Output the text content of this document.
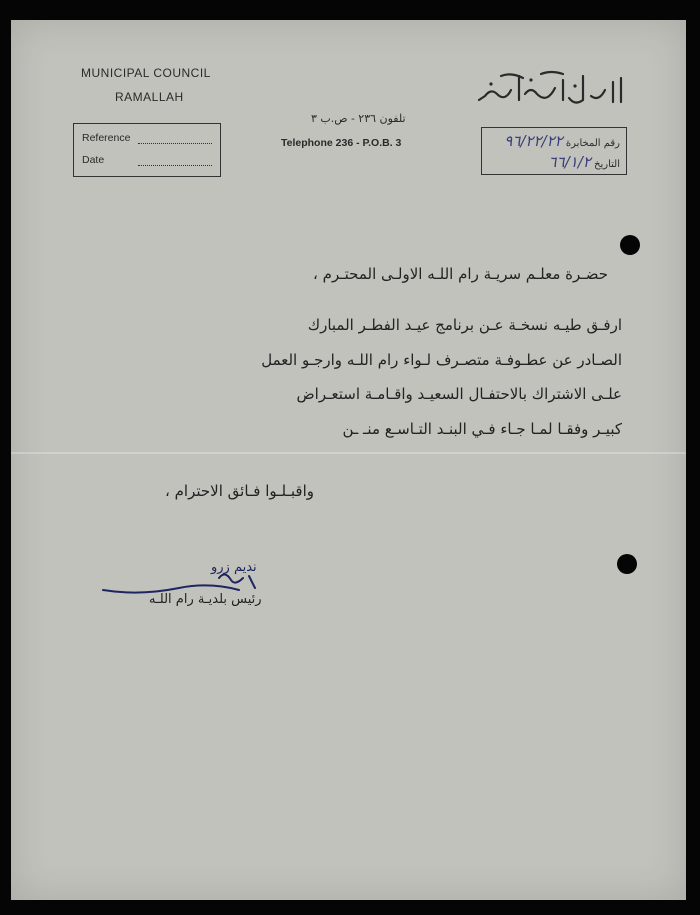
MUNICIPAL COUNCIL
RAMALLAH
Reference
Date
تلفون ٢٣٦ - ص.ب ٣
Telephone 236 - P.O.B. 3	رقم المخابرة ٩٦/٢٢/٢٢
التاريخ ٦٦/١/٢
حضـرة معلـم سريـة رام اللـه الاولـى المحتـرم ،
ارفـق طيـه نسخـة عـن برنامج عيـد الفطـر المبارك
الصـادر عن عطـوفـة متصـرف لـواء رام اللـه وارجـو العمل
علـى الاشتراك بالاحتفـال السعيـد واقـامـة استعـراض
كبيـر وفقـا لمـا جـاء فـي البنـد التـاسـع منـ ـن
واقبـلـوا فـائق الاحترام ،
نديم زرو
رئيس بلديـة رام اللـه
